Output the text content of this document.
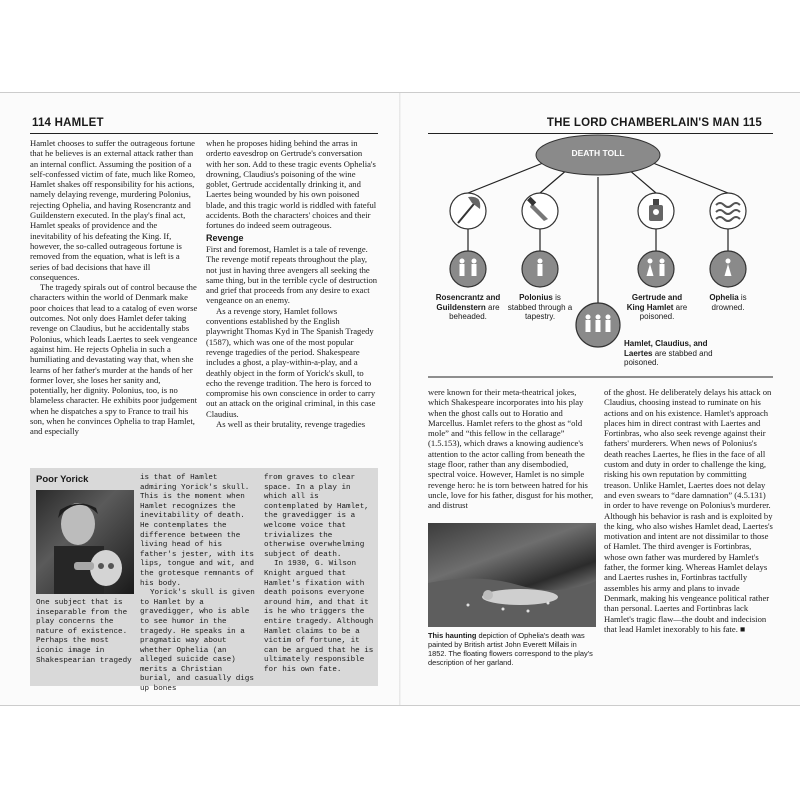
114 HAMLET

Hamlet chooses to suffer the outrageous fortune that he believes is an external attack rather than an internal conflict. Assuming the position of a self-confessed victim of fate, much like Romeo, Hamlet shakes off responsibility for his actions, namely delaying revenge, murdering Polonius, rejecting Ophelia, and having Rosencrantz and Guildenstern executed. In the play's final act, Hamlet speaks of providence and the inevitability of his defeating the King. If, however, the so-called outrageous fortune is removed from the equation, what is left is a series of bad decisions that have ill consequences.

The tragedy spirals out of control because the characters within the world of Denmark make poor choices that lead to a catalog of even worse outcomes. Not only does Hamlet defer taking revenge on Claudius, but he accidentally stabs Polonius, which leads Laertes to seek vengeance against him. He rejects Ophelia in such a humiliating and devastating way that, when she learns of her father's murder at the hands of her former lover, she loses her sanity and, potentially, her dignity. Polonius, too, is no blameless character. He exhibits poor judgement when he dispatches a spy to France to trail his son, when he convinces Ophelia to trap Hamlet, and especially

when he proposes hiding behind the arras in orderto eavesdrop on Gertrude's conversation with her son. Add to these tragic events Ophelia's drowning, Claudius's poisoning of the wine goblet, Gertrude accidentally drinking it, and Laertes being wounded by his own poisoned blade, and this tragic world is riddled with fateful accidents. Both the characters' choices and their fortunes do indeed seem outrageous.

Revenge

First and foremost, Hamlet is a tale of revenge. The revenge motif repeats throughout the play, not just in having three avengers all seeking the same thing, but in the terrible cycle of destruction and grief that proceeds from any desire to exact vengeance on an enemy.

As a revenge story, Hamlet follows conventions established by the English playwright Thomas Kyd in The Spanish Tragedy (1587), which was one of the most popular revenge tragedies of the period. Shakespeare includes a ghost, a play-within-a-play, and a deathly object in the form of Yorick's skull, to echo the revenge tradition. The hero is forced to compromise his own conscience in order to carry out an attack on the original criminal, in this case Claudius.

As well as their brutality, revenge tragedies

Poor Yorick

One subject that is inseparable from the play concerns the nature of existence. Perhaps the most iconic image in Shakespearian tragedy

is that of Hamlet admiring Yorick's skull. This is the moment when Hamlet recognizes the inevitability of death. He contemplates the difference between the living head of his father's jester, with its lips, tongue and wit, and the grotesque remnants of his body.

Yorick's skull is given to Hamlet by a gravedigger, who is able to see humor in the tragedy. He speaks in a pragmatic way about whether Ophelia (an alleged suicide case) merits a Christian burial, and casually digs up bones

from graves to clear space. In a play in which all is contemplated by Hamlet, the gravedigger is a welcome voice that trivializes the otherwise overwhelming subject of death.

In 1930, G. Wilson Knight argued that Hamlet's fixation with death poisons everyone around him, and that it is he who triggers the entire tragedy. Although Hamlet claims to be a victim of fortune, it can be argued that he is ultimately responsible for his own fate.

THE LORD CHAMBERLAIN'S MAN 115
DEATH TOLL
Rosencrantz and Guildenstern are beheaded.
Polonius is stabbed through a tapestry.
Gertrude and King Hamlet are poisoned.
Ophelia is drowned.
Hamlet, Claudius, and Laertes are stabbed and poisoned.

were known for their meta-theatrical jokes, which Shakespeare incorporates into his play when the ghost calls out to Horatio and Marcellus. Hamlet refers to the ghost as “old mole” and “this fellow in the cellarage” (1.5.153), which draws a knowing audience's attention to the actor calling from beneath the stage floor, rather than any disembodied, spectral voice. However, Hamlet is no simple revenge hero: he is torn between hatred for his uncle, love for his father, disgust for his mother, and distrust

This haunting depiction of Ophelia's death was painted by British artist John Everett Millais in 1852. The floating flowers correspond to the play's description of her garland.

of the ghost. He deliberately delays his attack on Claudius, choosing instead to ruminate on his actions and on his existence. Hamlet's approach places him in direct contrast with Laertes and Fortinbras, who also seek revenge against their fathers' murderers. When news of Polonius's death reaches Laertes, he flies in the face of all custom and duty in order to challenge the king, risking his own reputation by committing treason. Unlike Hamlet, Laertes does not delay and even swears to “dare damnation” (4.5.131) in order to have revenge on Polonius's murderer. Although his behavior is rash and is exploited by the king, who also wishes Hamlet dead, Laertes's motivation and intent are not dissimilar to those of Hamlet. The third avenger is Fortinbras, whose own father was murdered by Hamlet's father, the former king. Whereas Hamlet delays and Laertes rushes in, Fortinbras tactfully assembles his army and plans to invade Denmark, making his vengeance political rather than personal. Laertes and Fortinbras lack Hamlet's tragic flaw—the doubt and indecision that lead Hamlet inexorably to his fate. ■
